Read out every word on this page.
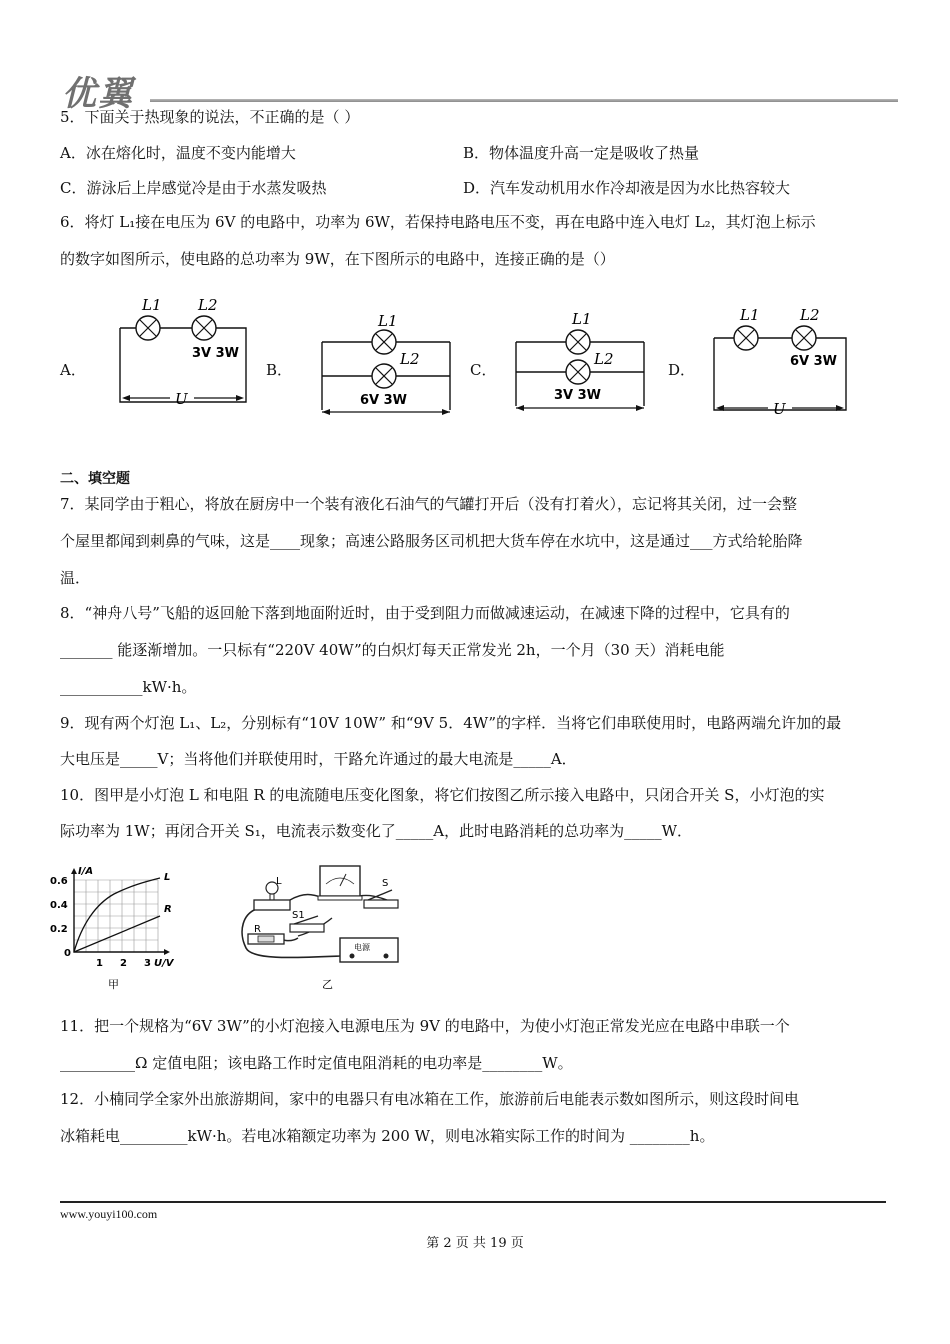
优翼
5．下面关于热现象的说法，不正确的是（ ）
A．冰在熔化时，温度不变内能增大	B．物体温度升高一定是吸收了热量
C．游泳后上岸感觉冷是由于水蒸发吸热	D．汽车发动机用水作冷却液是因为水比热容较大
6．将灯 L₁接在电压为 6V 的电路中，功率为 6W，若保持电路电压不变，再在电路中连入电灯 L₂，其灯泡上标示
的数字如图所示，使电路的总功率为 9W，在下图所示的电路中，连接正确的是（）
A．
L1 L2
3V 3W
U
B．
L1
L2
6V 3W
C．
L1
L2
3V 3W
D．
L1	L2
6V 3W
U
二、填空题
7．某同学由于粗心，将放在厨房中一个装有液化石油气的气罐打开后（没有打着火），忘记将其关闭，过一会整
个屋里都闻到刺鼻的气味，这是____现象；高速公路服务区司机把大货车停在水坑中，这是通过___方式给轮胎降
温．
8．“神舟八号”飞船的返回舱下落到地面附近时，由于受到阻力而做减速运动，在减速下降的过程中，它具有的
_______ 能逐渐增加。一只标有“220V 40W”的白炽灯每天正常发光 2h，一个月（30 天）消耗电能
___________kW·h。
9．现有两个灯泡 L₁、L₂，分别标有“10V 10W” 和“9V 5．4W”的字样．当将它们串联使用时，电路两端允许加的最
大电压是_____V；当将他们并联使用时，干路允许通过的最大电流是_____A．
10．图甲是小灯泡 L 和电阻 R 的电流随电压变化图象，将它们按图乙所示接入电路中，只闭合开关 S，小灯泡的实
际功率为 1W；再闭合开关 S₁，电流表示数变化了_____A，此时电路消耗的总功率为_____W．
I/A
L
R
0.6
0.4
0.2
0
1 2 3 U/V
甲
L	S
S1
R
电源
乙
11．把一个规格为“6V 3W”的小灯泡接入电源电压为 9V 的电路中，为使小灯泡正常发光应在电路中串联一个
__________Ω 定值电阻；该电路工作时定值电阻消耗的电功率是________W。
12．小楠同学全家外出旅游期间，家中的电器只有电冰箱在工作，旅游前后电能表示数如图所示，则这段时间电
冰箱耗电_________kW·h。若电冰箱额定功率为 200 W，则电冰箱实际工作的时间为 ________h。
www.youyi100.com
第 2 页 共 19 页
